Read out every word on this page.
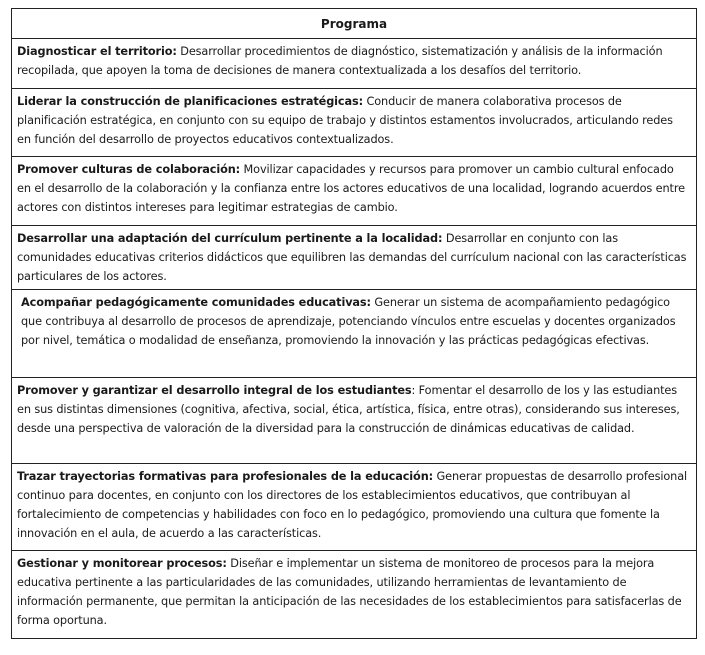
Programa
Diagnosticar el territorio: Desarrollar procedimientos de diagnóstico, sistematización y análisis de la información recopilada, que apoyen la toma de decisiones de manera contextualizada a los desafíos del territorio.
Liderar la construcción de planificaciones estratégicas: Conducir de manera colaborativa procesos de planificación estratégica, en conjunto con su equipo de trabajo y distintos estamentos involucrados, articulando redes en función del desarrollo de proyectos educativos contextualizados.
Promover culturas de colaboración: Movilizar capacidades y recursos para promover un cambio cultural enfocado en el desarrollo de la colaboración y la confianza entre los actores educativos de una localidad, logrando acuerdos entre actores con distintos intereses para legitimar estrategias de cambio.
Desarrollar una adaptación del currículum pertinente a la localidad: Desarrollar en conjunto con las comunidades educativas criterios didácticos que equilibren las demandas del currículum nacional con las características particulares de los actores.
Acompañar pedagógicamente comunidades educativas: Generar un sistema de acompañamiento pedagógico que contribuya al desarrollo de procesos de aprendizaje, potenciando vínculos entre escuelas y docentes organizados por nivel, temática o modalidad de enseñanza, promoviendo la innovación y las prácticas pedagógicas efectivas.
Promover y garantizar el desarrollo integral de los estudiantes: Fomentar el desarrollo de los y las estudiantes en sus distintas dimensiones (cognitiva, afectiva, social, ética, artística, física, entre otras), considerando sus intereses, desde una perspectiva de valoración de la diversidad para la construcción de dinámicas educativas de calidad.
Trazar trayectorias formativas para profesionales de la educación: Generar propuestas de desarrollo profesional continuo para docentes, en conjunto con los directores de los establecimientos educativos, que contribuyan al fortalecimiento de competencias y habilidades con foco en lo pedagógico, promoviendo una cultura que fomente la innovación en el aula, de acuerdo a las características.
Gestionar y monitorear procesos: Diseñar e implementar un sistema de monitoreo de procesos para la mejora educativa pertinente a las particularidades de las comunidades, utilizando herramientas de levantamiento de información permanente, que permitan la anticipación de las necesidades de los establecimientos para satisfacerlas de forma oportuna.
